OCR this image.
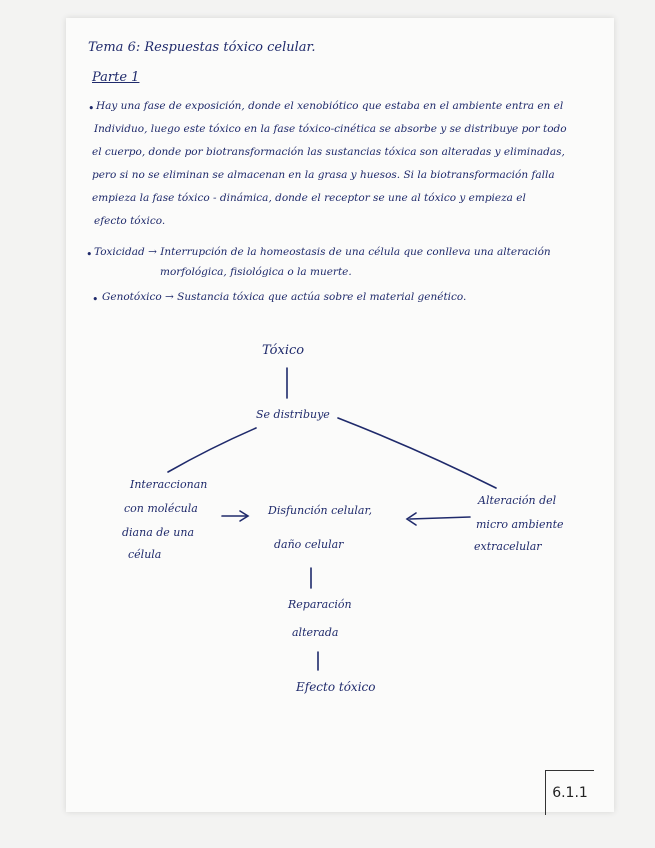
Tema 6: Respuestas tóxico celular.
Parte 1
• Hay una fase de exposición, donde el xenobiótico que estaba en el ambiente entra en el
Individuo, luego este tóxico en la fase tóxico-cinética se absorbe y se distribuye por todo
el cuerpo, donde por biotransformación las sustancias tóxica son alteradas y eliminadas,
pero si no se eliminan se almacenan en la grasa y huesos. Si la biotransformación falla
empieza la fase tóxico - dinámica, donde el receptor se une al tóxico y empieza el
efecto tóxico.
• Toxicidad → Interrupción de la homeostasis de una célula que conlleva una alteración
morfológica, fisiológica o la muerte.
• Genotóxico → Sustancia tóxica que actúa sobre el material genético.
Tóxico
Se distribuye
Interaccionan
con molécula
diana de una
célula
Disfunción celular,
daño celular
Alteración del
micro ambiente
extracelular
Reparación
alterada
Efecto tóxico
6.1.1
